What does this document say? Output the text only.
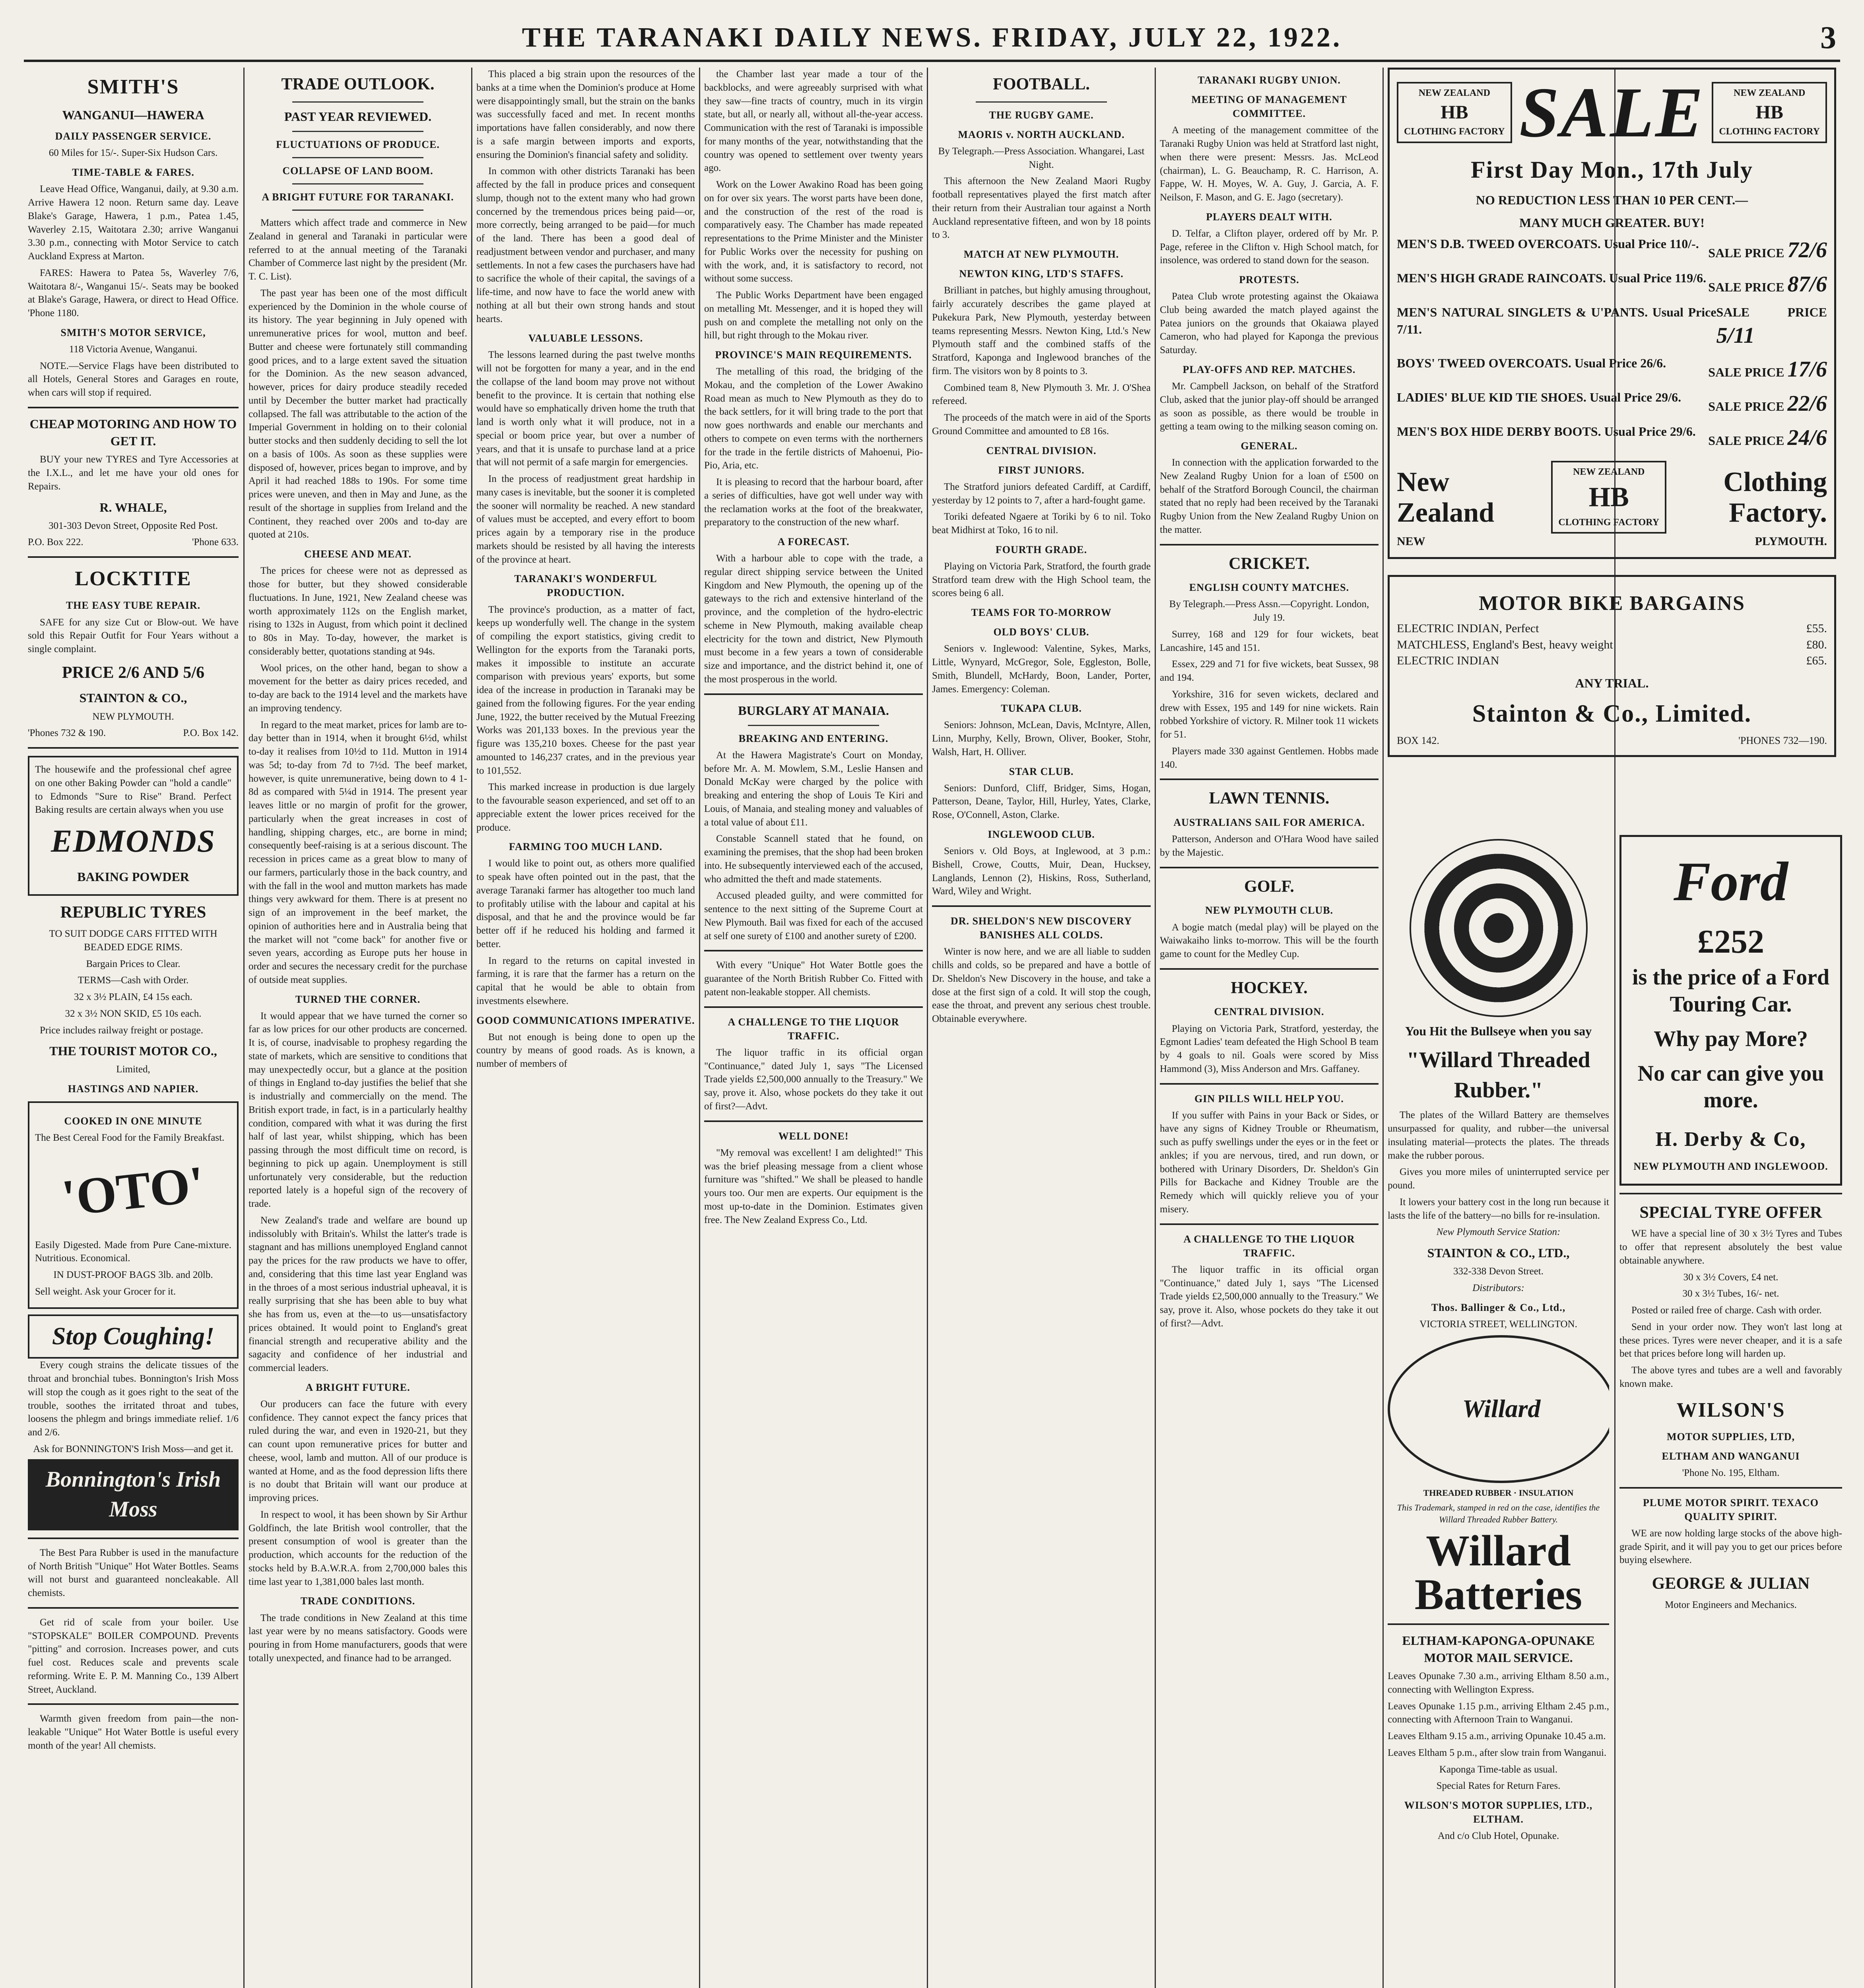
THE TARANAKI DAILY NEWS. FRIDAY, JULY 22, 1922.	3
SMITH'S
WANGANUI—HAWERA
DAILY PASSENGER SERVICE.

60 Miles for 15/-. Super-Six Hudson Cars.

TIME-TABLE & FARES.

Leave Head Office, Wanganui, daily, at 9.30 a.m. Arrive Hawera 12 noon. Return same day. Leave Blake's Garage, Hawera, 1 p.m., Patea 1.45, Waverley 2.15, Waitotara 2.30; arrive Wanganui 3.30 p.m., connecting with Motor Service to catch Auckland Express at Marton.

FARES: Hawera to Patea 5s, Waverley 7/6, Waitotara 8/-, Wanganui 15/-. Seats may be booked at Blake's Garage, Hawera, or direct to Head Office. 'Phone 1180.

SMITH'S MOTOR SERVICE,

118 Victoria Avenue, Wanganui.

NOTE.—Service Flags have been distributed to all Hotels, General Stores and Garages en route, when cars will stop if required.

CHEAP MOTORING AND HOW TO GET IT.

BUY your new TYRES and Tyre Accessories at the I.X.L., and let me have your old ones for Repairs.

R. WHALE,

301-303 Devon Street, Opposite Red Post.

P.O. Box 222.	'Phone 633.
LOCKTITE
THE EASY TUBE REPAIR.

SAFE for any size Cut or Blow-out. We have sold this Repair Outfit for Four Years without a single complaint.

PRICE 2/6 AND 5/6
STAINTON & CO.,

NEW PLYMOUTH.

'Phones 732 & 190.	P.O. Box 142.

The housewife and the professional chef agree on one other Baking Powder can "hold a candle" to Edmonds "Sure to Rise" Brand. Perfect Baking results are certain always when you use

EDMONDS
BAKING POWDER
REPUBLIC TYRES

TO SUIT DODGE CARS FITTED WITH BEADED EDGE RIMS.

Bargain Prices to Clear.

TERMS—Cash with Order.

32 x 3½ PLAIN, £4 15s each.

32 x 3½ NON SKID, £5 10s each.

Price includes railway freight or postage.

THE TOURIST MOTOR CO.,

Limited,

HASTINGS AND NAPIER.
COOKED IN ONE MINUTE

The Best Cereal Food for the Family Breakfast.

'OTO'

Easily Digested. Made from Pure Cane-mixture. Nutritious. Economical.

IN DUST-PROOF BAGS 3lb. and 20lb.

Sell weight. Ask your Grocer for it.

Stop Coughing!

Every cough strains the delicate tissues of the throat and bronchial tubes. Bonnington's Irish Moss will stop the cough as it goes right to the seat of the trouble, soothes the irritated throat and tubes, loosens the phlegm and brings immediate relief. 1/6 and 2/6.

Ask for BONNINGTON'S Irish Moss—and get it.

Bonnington's Irish Moss

The Best Para Rubber is used in the manufacture of North British "Unique" Hot Water Bottles. Seams will not burst and guaranteed noncleakable. All chemists.

Get rid of scale from your boiler. Use "STOPSKALE" BOILER COMPOUND. Prevents "pitting" and corrosion. Increases power, and cuts fuel cost. Reduces scale and prevents scale reforming. Write E. P. M. Manning Co., 139 Albert Street, Auckland.

Warmth given freedom from pain—the non-leakable "Unique" Hot Water Bottle is useful every month of the year! All chemists.

TRADE OUTLOOK.
PAST YEAR REVIEWED.
FLUCTUATIONS OF PRODUCE.
COLLAPSE OF LAND BOOM.
A BRIGHT FUTURE FOR TARANAKI.

Matters which affect trade and commerce in New Zealand in general and Taranaki in particular were referred to at the annual meeting of the Taranaki Chamber of Commerce last night by the president (Mr. T. C. List).

The past year has been one of the most difficult experienced by the Dominion in the whole course of its history. The year beginning in July opened with unremunerative prices for wool, mutton and beef. Butter and cheese were fortunately still commanding good prices, and to a large extent saved the situation for the Dominion. As the new season advanced, however, prices for dairy produce steadily receded until by December the butter market had practically collapsed. The fall was attributable to the action of the Imperial Government in holding on to their colonial butter stocks and then suddenly deciding to sell the lot on a basis of 100s. As soon as these supplies were disposed of, however, prices began to improve, and by April it had reached 188s to 190s. For some time prices were uneven, and then in May and June, as the result of the shortage in supplies from Ireland and the Continent, they reached over 200s and to-day are quoted at 210s.

CHEESE AND MEAT.

The prices for cheese were not as depressed as those for butter, but they showed considerable fluctuations. In June, 1921, New Zealand cheese was worth approximately 112s on the English market, rising to 132s in August, from which point it declined to 80s in May. To-day, however, the market is considerably better, quotations standing at 94s.

Wool prices, on the other hand, began to show a movement for the better as dairy prices receded, and to-day are back to the 1914 level and the markets have an improving tendency.

In regard to the meat market, prices for lamb are to-day better than in 1914, when it brought 6½d, whilst to-day it realises from 10½d to 11d. Mutton in 1914 was 5d; to-day from 7d to 7½d. The beef market, however, is quite unremunerative, being down to 4 1-8d as compared with 5¼d in 1914. The present year leaves little or no margin of profit for the grower, particularly when the great increases in cost of handling, shipping charges, etc., are borne in mind; consequently beef-raising is at a serious discount. The recession in prices came as a great blow to many of our farmers, particularly those in the back country, and with the fall in the wool and mutton markets has made things very awkward for them. There is at present no sign of an improvement in the beef market, the opinion of authorities here and in Australia being that the market will not "come back" for another five or seven years, according as Europe puts her house in order and secures the necessary credit for the purchase of outside meat supplies.

TURNED THE CORNER.

It would appear that we have turned the corner so far as low prices for our other products are concerned. It is, of course, inadvisable to prophesy regarding the state of markets, which are sensitive to conditions that may unexpectedly occur, but a glance at the position of things in England to-day justifies the belief that she is industrially and commercially on the mend. The British export trade, in fact, is in a particularly healthy condition, compared with what it was during the first half of last year, whilst shipping, which has been passing through the most difficult time on record, is beginning to pick up again. Unemployment is still unfortunately very considerable, but the reduction reported lately is a hopeful sign of the recovery of trade.

New Zealand's trade and welfare are bound up indissolubly with Britain's. Whilst the latter's trade is stagnant and has millions unemployed England cannot pay the prices for the raw products we have to offer, and, considering that this time last year England was in the throes of a most serious industrial upheaval, it is really surprising that she has been able to buy what she has from us, even at the—to us—unsatisfactory prices obtained. It would point to England's great financial strength and recuperative ability and the sagacity and confidence of her industrial and commercial leaders.

A BRIGHT FUTURE.

Our producers can face the future with every confidence. They cannot expect the fancy prices that ruled during the war, and even in 1920-21, but they can count upon remunerative prices for butter and cheese, wool, lamb and mutton. All of our produce is wanted at Home, and as the food depression lifts there is no doubt that Britain will want our produce at improving prices.

In respect to wool, it has been shown by Sir Arthur Goldfinch, the late British wool controller, that the present consumption of wool is greater than the production, which accounts for the reduction of the stocks held by B.A.W.R.A. from 2,700,000 bales this time last year to 1,381,000 bales last month.

TRADE CONDITIONS.

The trade conditions in New Zealand at this time last year were by no means satisfactory. Goods were pouring in from Home manufacturers, goods that were totally unexpected, and finance had to be arranged.

This placed a big strain upon the resources of the banks at a time when the Dominion's produce at Home were disappointingly small, but the strain on the banks was successfully faced and met. In recent months importations have fallen considerably, and now there is a safe margin between imports and exports, ensuring the Dominion's financial safety and solidity.

In common with other districts Taranaki has been affected by the fall in produce prices and consequent slump, though not to the extent many who had grown concerned by the tremendous prices being paid—or, more correctly, being arranged to be paid—for much of the land. There has been a good deal of readjustment between vendor and purchaser, and many settlements. In not a few cases the purchasers have had to sacrifice the whole of their capital, the savings of a life-time, and now have to face the world anew with nothing at all but their own strong hands and stout hearts.

VALUABLE LESSONS.

The lessons learned during the past twelve months will not be forgotten for many a year, and in the end the collapse of the land boom may prove not without benefit to the province. It is certain that nothing else would have so emphatically driven home the truth that land is worth only what it will produce, not in a special or boom price year, but over a number of years, and that it is unsafe to purchase land at a price that will not permit of a safe margin for emergencies.

In the process of readjustment great hardship in many cases is inevitable, but the sooner it is completed the sooner will normality be reached. A new standard of values must be accepted, and every effort to boom prices again by a temporary rise in the produce markets should be resisted by all having the interests of the province at heart.

TARANAKI'S WONDERFUL PRODUCTION.

The province's production, as a matter of fact, keeps up wonderfully well. The change in the system of compiling the export statistics, giving credit to Wellington for the exports from the Taranaki ports, makes it impossible to institute an accurate comparison with previous years' exports, but some idea of the increase in production in Taranaki may be gained from the following figures. For the year ending June, 1922, the butter received by the Mutual Freezing Works was 201,133 boxes. In the previous year the figure was 135,210 boxes. Cheese for the past year amounted to 146,237 crates, and in the previous year to 101,552.

This marked increase in production is due largely to the favourable season experienced, and set off to an appreciable extent the lower prices received for the produce.

FARMING TOO MUCH LAND.

I would like to point out, as others more qualified to speak have often pointed out in the past, that the average Taranaki farmer has altogether too much land to profitably utilise with the labour and capital at his disposal, and that he and the province would be far better off if he reduced his holding and farmed it better.

In regard to the returns on capital invested in farming, it is rare that the farmer has a return on the capital that he would be able to obtain from investments elsewhere.

GOOD COMMUNICATIONS IMPERATIVE.

But not enough is being done to open up the country by means of good roads. As is known, a number of members of

the Chamber last year made a tour of the backblocks, and were agreeably surprised with what they saw—fine tracts of country, much in its virgin state, but all, or nearly all, without all-the-year access. Communication with the rest of Taranaki is impossible for many months of the year, notwithstanding that the country was opened to settlement over twenty years ago.

Work on the Lower Awakino Road has been going on for over six years. The worst parts have been done, and the construction of the rest of the road is comparatively easy. The Chamber has made repeated representations to the Prime Minister and the Minister for Public Works over the necessity for pushing on with the work, and, it is satisfactory to record, not without some success.

The Public Works Department have been engaged on metalling Mt. Messenger, and it is hoped they will push on and complete the metalling not only on the hill, but right through to the Mokau river.

PROVINCE'S MAIN REQUIREMENTS.

The metalling of this road, the bridging of the Mokau, and the completion of the Lower Awakino Road mean as much to New Plymouth as they do to the back settlers, for it will bring trade to the port that now goes northwards and enable our merchants and others to compete on even terms with the northerners for the trade in the fertile districts of Mahoenui, Pio-Pio, Aria, etc.

It is pleasing to record that the harbour board, after a series of difficulties, have got well under way with the reclamation works at the foot of the breakwater, preparatory to the construction of the new wharf.

A FORECAST.

With a harbour able to cope with the trade, a regular direct shipping service between the United Kingdom and New Plymouth, the opening up of the gateways to the rich and extensive hinterland of the province, and the completion of the hydro-electric scheme in New Plymouth, making available cheap electricity for the town and district, New Plymouth must become in a few years a town of considerable size and importance, and the district behind it, one of the most prosperous in the world.

BURGLARY AT MANAIA.
BREAKING AND ENTERING.

At the Hawera Magistrate's Court on Monday, before Mr. A. M. Mowlem, S.M., Leslie Hansen and Donald McKay were charged by the police with breaking and entering the shop of Louis Te Kiri and Louis, of Manaia, and stealing money and valuables of a total value of about £11.

Constable Scannell stated that he found, on examining the premises, that the shop had been broken into. He subsequently interviewed each of the accused, who admitted the theft and made statements.

Accused pleaded guilty, and were committed for sentence to the next sitting of the Supreme Court at New Plymouth. Bail was fixed for each of the accused at self one surety of £100 and another surety of £200.

With every "Unique" Hot Water Bottle goes the guarantee of the North British Rubber Co. Fitted with patent non-leakable stopper. All chemists.

A CHALLENGE TO THE LIQUOR TRAFFIC.

The liquor traffic in its official organ "Continuance," dated July 1, says "The Licensed Trade yields £2,500,000 annually to the Treasury." We say, prove it. Also, whose pockets do they take it out of first?—Advt.

WELL DONE!

"My removal was excellent! I am delighted!" This was the brief pleasing message from a client whose furniture was "shifted." We shall be pleased to handle yours too. Our men are experts. Our equipment is the most up-to-date in the Dominion. Estimates given free. The New Zealand Express Co., Ltd.

FOOTBALL.
THE RUGBY GAME.
MAORIS v. NORTH AUCKLAND.

By Telegraph.—Press Association. Whangarei, Last Night.

This afternoon the New Zealand Maori Rugby football representatives played the first match after their return from their Australian tour against a North Auckland representative fifteen, and won by 18 points to 3.

MATCH AT NEW PLYMOUTH.
NEWTON KING, LTD'S STAFFS.

Brilliant in patches, but highly amusing throughout, fairly accurately describes the game played at Pukekura Park, New Plymouth, yesterday between teams representing Messrs. Newton King, Ltd.'s New Plymouth staff and the combined staffs of the Stratford, Kaponga and Inglewood branches of the firm. The visitors won by 8 points to 3.

Combined team 8, New Plymouth 3. Mr. J. O'Shea refereed.

The proceeds of the match were in aid of the Sports Ground Committee and amounted to £8 16s.

CENTRAL DIVISION.
FIRST JUNIORS.

The Stratford juniors defeated Cardiff, at Cardiff, yesterday by 12 points to 7, after a hard-fought game.

Toriki defeated Ngaere at Toriki by 6 to nil. Toko beat Midhirst at Toko, 16 to nil.

FOURTH GRADE.

Playing on Victoria Park, Stratford, the fourth grade Stratford team drew with the High School team, the scores being 6 all.

TEAMS FOR TO-MORROW
OLD BOYS' CLUB.

Seniors v. Inglewood: Valentine, Sykes, Marks, Little, Wynyard, McGregor, Sole, Eggleston, Bolle, Smith, Blundell, McHardy, Boon, Lander, Porter, James. Emergency: Coleman.

TUKAPA CLUB.

Seniors: Johnson, McLean, Davis, McIntyre, Allen, Linn, Murphy, Kelly, Brown, Oliver, Booker, Stohr, Walsh, Hart, H. Olliver.

STAR CLUB.

Seniors: Dunford, Cliff, Bridger, Sims, Hogan, Patterson, Deane, Taylor, Hill, Hurley, Yates, Clarke, Rose, O'Connell, Aston, Clarke.

INGLEWOOD CLUB.

Seniors v. Old Boys, at Inglewood, at 3 p.m.: Bishell, Crowe, Coutts, Muir, Dean, Hucksey, Langlands, Lennon (2), Hiskins, Ross, Sutherland, Ward, Wiley and Wright.

DR. SHELDON'S NEW DISCOVERY BANISHES ALL COLDS.

Winter is now here, and we are all liable to sudden chills and colds, so be prepared and have a bottle of Dr. Sheldon's New Discovery in the house, and take a dose at the first sign of a cold. It will stop the cough, ease the throat, and prevent any serious chest trouble. Obtainable everywhere.

TARANAKI RUGBY UNION.
MEETING OF MANAGEMENT COMMITTEE.

A meeting of the management committee of the Taranaki Rugby Union was held at Stratford last night, when there were present: Messrs. Jas. McLeod (chairman), L. G. Beauchamp, R. C. Harrison, A. Fappe, W. H. Moyes, W. A. Guy, J. Garcia, A. F. Neilson, F. Mason, and G. E. Jago (secretary).

PLAYERS DEALT WITH.

D. Telfar, a Clifton player, ordered off by Mr. P. Page, referee in the Clifton v. High School match, for insolence, was ordered to stand down for the season.

PROTESTS.

Patea Club wrote protesting against the Okaiawa Club being awarded the match played against the Patea juniors on the grounds that Okaiawa played Cameron, who had played for Kaponga the previous Saturday.

PLAY-OFFS AND REP. MATCHES.

Mr. Campbell Jackson, on behalf of the Stratford Club, asked that the junior play-off should be arranged as soon as possible, as there would be trouble in getting a team owing to the milking season coming on.

GENERAL.

In connection with the application forwarded to the New Zealand Rugby Union for a loan of £500 on behalf of the Stratford Borough Council, the chairman stated that no reply had been received by the Taranaki Rugby Union from the New Zealand Rugby Union on the matter.

CRICKET.
ENGLISH COUNTY MATCHES.

By Telegraph.—Press Assn.—Copyright. London, July 19.

Surrey, 168 and 129 for four wickets, beat Lancashire, 145 and 151.

Essex, 229 and 71 for five wickets, beat Sussex, 98 and 194.

Yorkshire, 316 for seven wickets, declared and drew with Essex, 195 and 149 for nine wickets. Rain robbed Yorkshire of victory. R. Milner took 11 wickets for 51.

Players made 330 against Gentlemen. Hobbs made 140.

LAWN TENNIS.
AUSTRALIANS SAIL FOR AMERICA.

Patterson, Anderson and O'Hara Wood have sailed by the Majestic.

GOLF.
NEW PLYMOUTH CLUB.

A bogie match (medal play) will be played on the Waiwakaiho links to-morrow. This will be the fourth game to count for the Medley Cup.

HOCKEY.
CENTRAL DIVISION.

Playing on Victoria Park, Stratford, yesterday, the Egmont Ladies' team defeated the High School B team by 4 goals to nil. Goals were scored by Miss Hammond (3), Miss Anderson and Mrs. Gaffaney.

GIN PILLS WILL HELP YOU.

If you suffer with Pains in your Back or Sides, or have any signs of Kidney Trouble or Rheumatism, such as puffy swellings under the eyes or in the feet or ankles; if you are nervous, tired, and run down, or bothered with Urinary Disorders, Dr. Sheldon's Gin Pills for Backache and Kidney Trouble are the Remedy which will quickly relieve you of your misery.

A CHALLENGE TO THE LIQUOR TRAFFIC.

The liquor traffic in its official organ "Continuance," dated July 1, says "The Licensed Trade yields £2,500,000 annually to the Treasury." We say, prove it. Also, whose pockets do they take it out of first?—Advt.

NEW ZEALAND
HB
CLOTHING FACTORY SALE	NEW ZEALAND
HB
CLOTHING FACTORY
First Day Mon., 17th July
NO REDUCTION LESS THAN 10 PER CENT.—
MANY MUCH GREATER. BUY!
MEN'S D.B. TWEED OVERCOATS. Usual Price 110/-.
SALE PRICE 72/6
MEN'S HIGH GRADE RAINCOATS. Usual Price 119/6.
SALE PRICE 87/6
MEN'S NATURAL SINGLETS & U'PANTS. Usual Price 7/11.
SALE PRICE 5/11
BOYS' TWEED OVERCOATS. Usual Price 26/6.
SALE PRICE 17/6
LADIES' BLUE KID TIE SHOES. Usual Price 29/6.
SALE PRICE 22/6
MEN'S BOX HIDE DERBY BOOTS. Usual Price 29/6.
SALE PRICE 24/6
New
Zealand
NEW ZEALAND
HB
CLOTHING FACTORY
Clothing
Factory.
NEW	PLYMOUTH.
MOTOR BIKE BARGAINS
ELECTRIC INDIAN, Perfect	£55.
MATCHLESS, England's Best, heavy weight	£80.
ELECTRIC INDIAN	£65.
ANY TRIAL.
Stainton & Co., Limited.
BOX 142.	'PHONES 732—190.
You Hit the Bullseye when you say
"Willard Threaded Rubber."

The plates of the Willard Battery are themselves unsurpassed for quality, and rubber—the universal insulating material—protects the plates. The threads make the rubber porous.

Gives you more miles of uninterrupted service per pound.

It lowers your battery cost in the long run because it lasts the life of the battery—no bills for re-insulation.

New Plymouth Service Station:

STAINTON & CO., LTD.,

332-338 Devon Street.

Distributors:

Thos. Ballinger & Co., Ltd.,

VICTORIA STREET, WELLINGTON.

Willard

THREADED RUBBER · INSULATION

This Trademark, stamped in red on the case, identifies the Willard Threaded Rubber Battery.

Willard Batteries
ELTHAM-KAPONGA-OPUNAKE MOTOR MAIL SERVICE.

Leaves Opunake 7.30 a.m., arriving Eltham 8.50 a.m., connecting with Wellington Express.

Leaves Opunake 1.15 p.m., arriving Eltham 2.45 p.m., connecting with Afternoon Train to Wanganui.

Leaves Eltham 9.15 a.m., arriving Opunake 10.45 a.m.

Leaves Eltham 5 p.m., after slow train from Wanganui.

Kaponga Time-table as usual.

Special Rates for Return Fares.

WILSON'S MOTOR SUPPLIES, LTD., ELTHAM.

And c/o Club Hotel, Opunake.

Ford
£252
is the price of a Ford Touring Car.
Why pay More?
No car can give you more.
H. Derby & Co,
NEW PLYMOUTH AND INGLEWOOD.
SPECIAL TYRE OFFER

WE have a special line of 30 x 3½ Tyres and Tubes to offer that represent absolutely the best value obtainable anywhere.

30 x 3½ Covers, £4 net.

30 x 3½ Tubes, 16/- net.

Posted or railed free of charge. Cash with order.

Send in your order now. They won't last long at these prices. Tyres were never cheaper, and it is a safe bet that prices before long will harden up.

The above tyres and tubes are a well and favorably known make.

WILSON'S
MOTOR SUPPLIES, LTD,
ELTHAM AND WANGANUI

'Phone No. 195, Eltham.

PLUME MOTOR SPIRIT. TEXACO QUALITY SPIRIT.

WE are now holding large stocks of the above high-grade Spirit, and it will pay you to get our prices before buying elsewhere.

GEORGE & JULIAN

Motor Engineers and Mechanics.
